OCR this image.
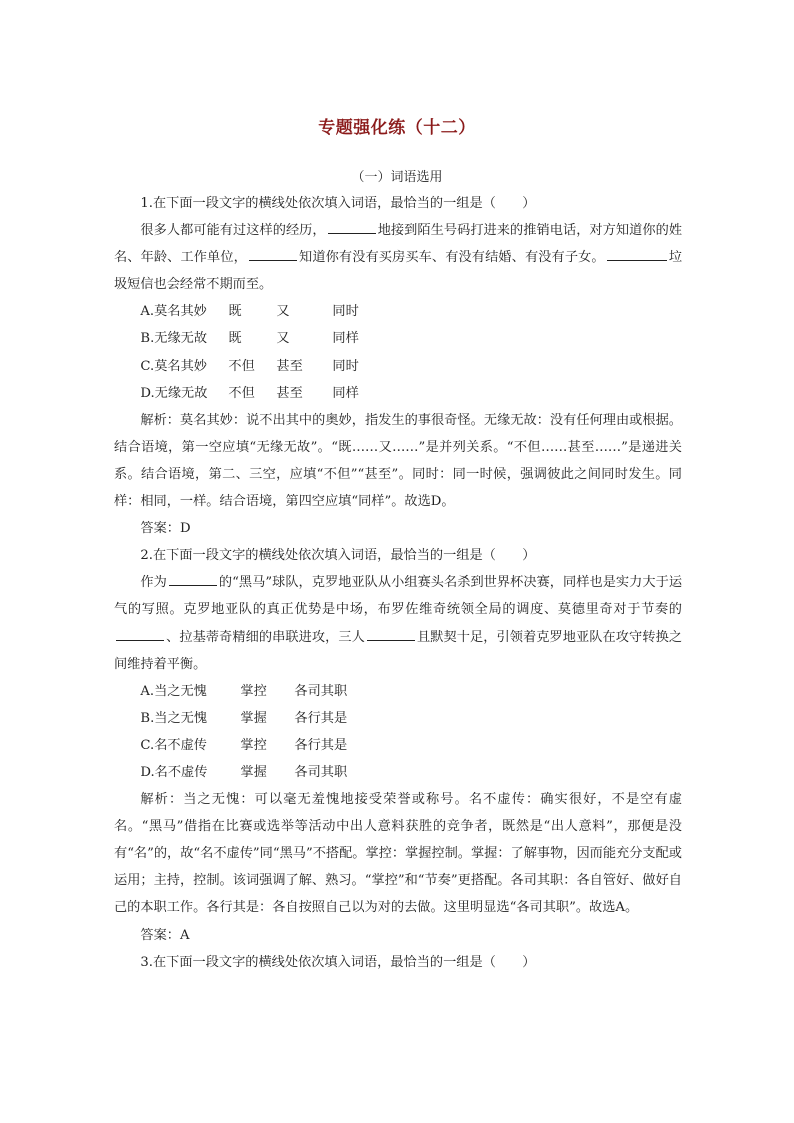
专题强化练（十二）
（一）词语选用

1.在下面一段文字的横线处依次填入词语，最恰当的一组是（　　）

很多人都可能有过这样的经历，	地接到陌生号码打进来的推销电话，对方知道你的姓名、年龄、工作单位，	知道你有没有买房买车、有没有结婚、有没有子女。	垃圾短信也会经常不期而至。

A.莫名其妙 既	又	同时

B.无缘无故 既	又	同样

C.莫名其妙 不但 甚至 同时

D.无缘无故 不但 甚至 同样

解析：莫名其妙：说不出其中的奥妙，指发生的事很奇怪。无缘无故：没有任何理由或根据。结合语境，第一空应填“无缘无故”。“既……又……”是并列关系。“不但……甚至……”是递进关系。结合语境，第二、三空，应填“不但”“甚至”。同时：同一时候，强调彼此之间同时发生。同样：相同，一样。结合语境，第四空应填“同样”。故选D。

答案：D

2.在下面一段文字的横线处依次填入词语，最恰当的一组是（　　）

作为	的“黑马”球队，克罗地亚队从小组赛头名杀到世界杯决赛，同样也是实力大于运气的写照。克罗地亚队的真正优势是中场，布罗佐维奇统领全局的调度、莫德里奇对于节奏的、拉基蒂奇精细的串联进攻，三人	且默契十足，引领着克罗地亚队在攻守转换之间维持着平衡。

A.当之无愧	掌控 各司其职

B.当之无愧	掌握 各行其是

C.名不虚传	掌控 各行其是

D.名不虚传 掌握 各司其职

解析：当之无愧：可以毫无羞愧地接受荣誉或称号。名不虚传：确实很好，不是空有虚名。“黑马”借指在比赛或选举等活动中出人意料获胜的竞争者，既然是“出人意料”，那便是没有“名”的，故“名不虚传”同“黑马”不搭配。掌控：掌握控制。掌握：了解事物，因而能充分支配或运用；主持，控制。该词强调了解、熟习。“掌控”和“节奏”更搭配。各司其职：各自管好、做好自己的本职工作。各行其是：各自按照自己以为对的去做。这里明显选“各司其职”。故选A。

答案：A

3.在下面一段文字的横线处依次填入词语，最恰当的一组是（　　）
